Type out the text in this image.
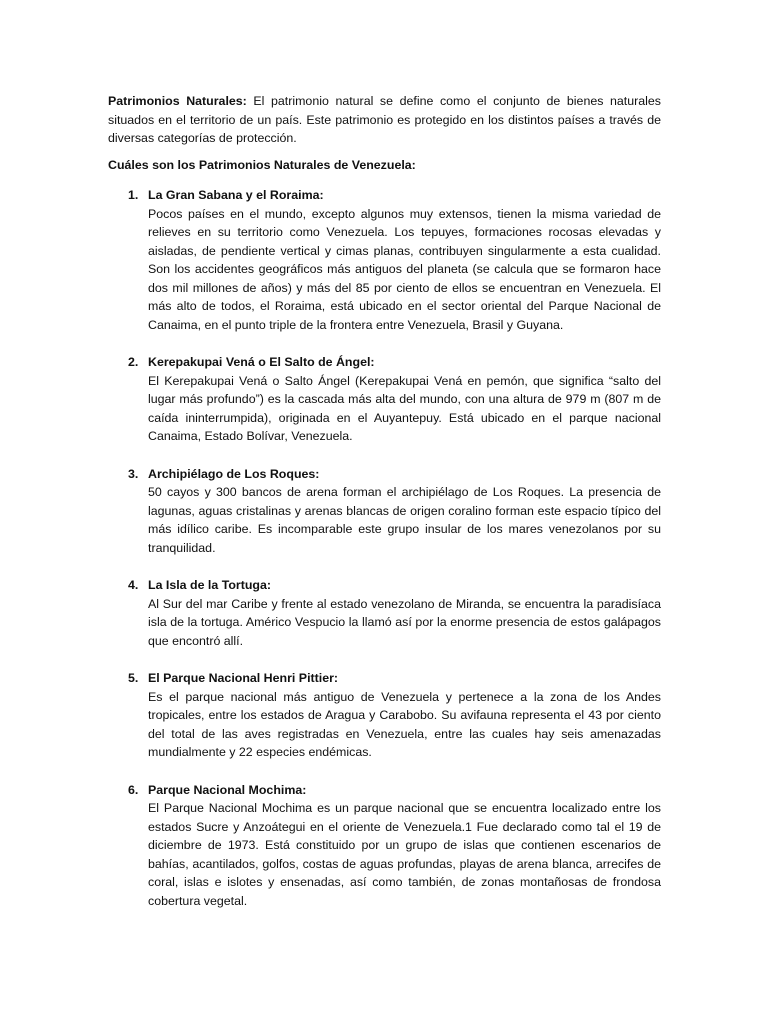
Patrimonios Naturales: El patrimonio natural se define como el conjunto de bienes naturales situados en el territorio de un país. Este patrimonio es protegido en los distintos países a través de diversas categorías de protección.

Cuáles son los Patrimonios Naturales de Venezuela:

1. La Gran Sabana y el Roraima:
Pocos países en el mundo, excepto algunos muy extensos, tienen la misma variedad de relieves en su territorio como Venezuela. Los tepuyes, formaciones rocosas elevadas y aisladas, de pendiente vertical y cimas planas, contribuyen singularmente a esta cualidad. Son los accidentes geográficos más antiguos del planeta (se calcula que se formaron hace dos mil millones de años) y más del 85 por ciento de ellos se encuentran en Venezuela. El más alto de todos, el Roraima, está ubicado en el sector oriental del Parque Nacional de Canaima, en el punto triple de la frontera entre Venezuela, Brasil y Guyana.
2. Kerepakupai Vená o El Salto de Ángel:
El Kerepakupai Vená o Salto Ángel (Kerepakupai Vená en pemón, que significa “salto del lugar más profundo”) es la cascada más alta del mundo, con una altura de 979 m (807 m de caída ininterrumpida), originada en el Auyantepuy. Está ubicado en el parque nacional Canaima, Estado Bolívar, Venezuela.
3. Archipiélago de Los Roques:
50 cayos y 300 bancos de arena forman el archipiélago de Los Roques. La presencia de lagunas, aguas cristalinas y arenas blancas de origen coralino forman este espacio típico del más idílico caribe. Es incomparable este grupo insular de los mares venezolanos por su tranquilidad.
4. La Isla de la Tortuga:
Al Sur del mar Caribe y frente al estado venezolano de Miranda, se encuentra la paradisíaca isla de la tortuga. Américo Vespucio la llamó así por la enorme presencia de estos galápagos que encontró allí.
5. El Parque Nacional Henri Pittier:
Es el parque nacional más antiguo de Venezuela y pertenece a la zona de los Andes tropicales, entre los estados de Aragua y Carabobo. Su avifauna representa el 43 por ciento del total de las aves registradas en Venezuela, entre las cuales hay seis amenazadas mundialmente y 22 especies endémicas.
6. Parque Nacional Mochima:
El Parque Nacional Mochima es un parque nacional que se encuentra localizado entre los estados Sucre y Anzoátegui en el oriente de Venezuela.1 Fue declarado como tal el 19 de diciembre de 1973. Está constituido por un grupo de islas que contienen escenarios de bahías, acantilados, golfos, costas de aguas profundas, playas de arena blanca, arrecifes de coral, islas e islotes y ensenadas, así como también, de zonas montañosas de frondosa cobertura vegetal.
